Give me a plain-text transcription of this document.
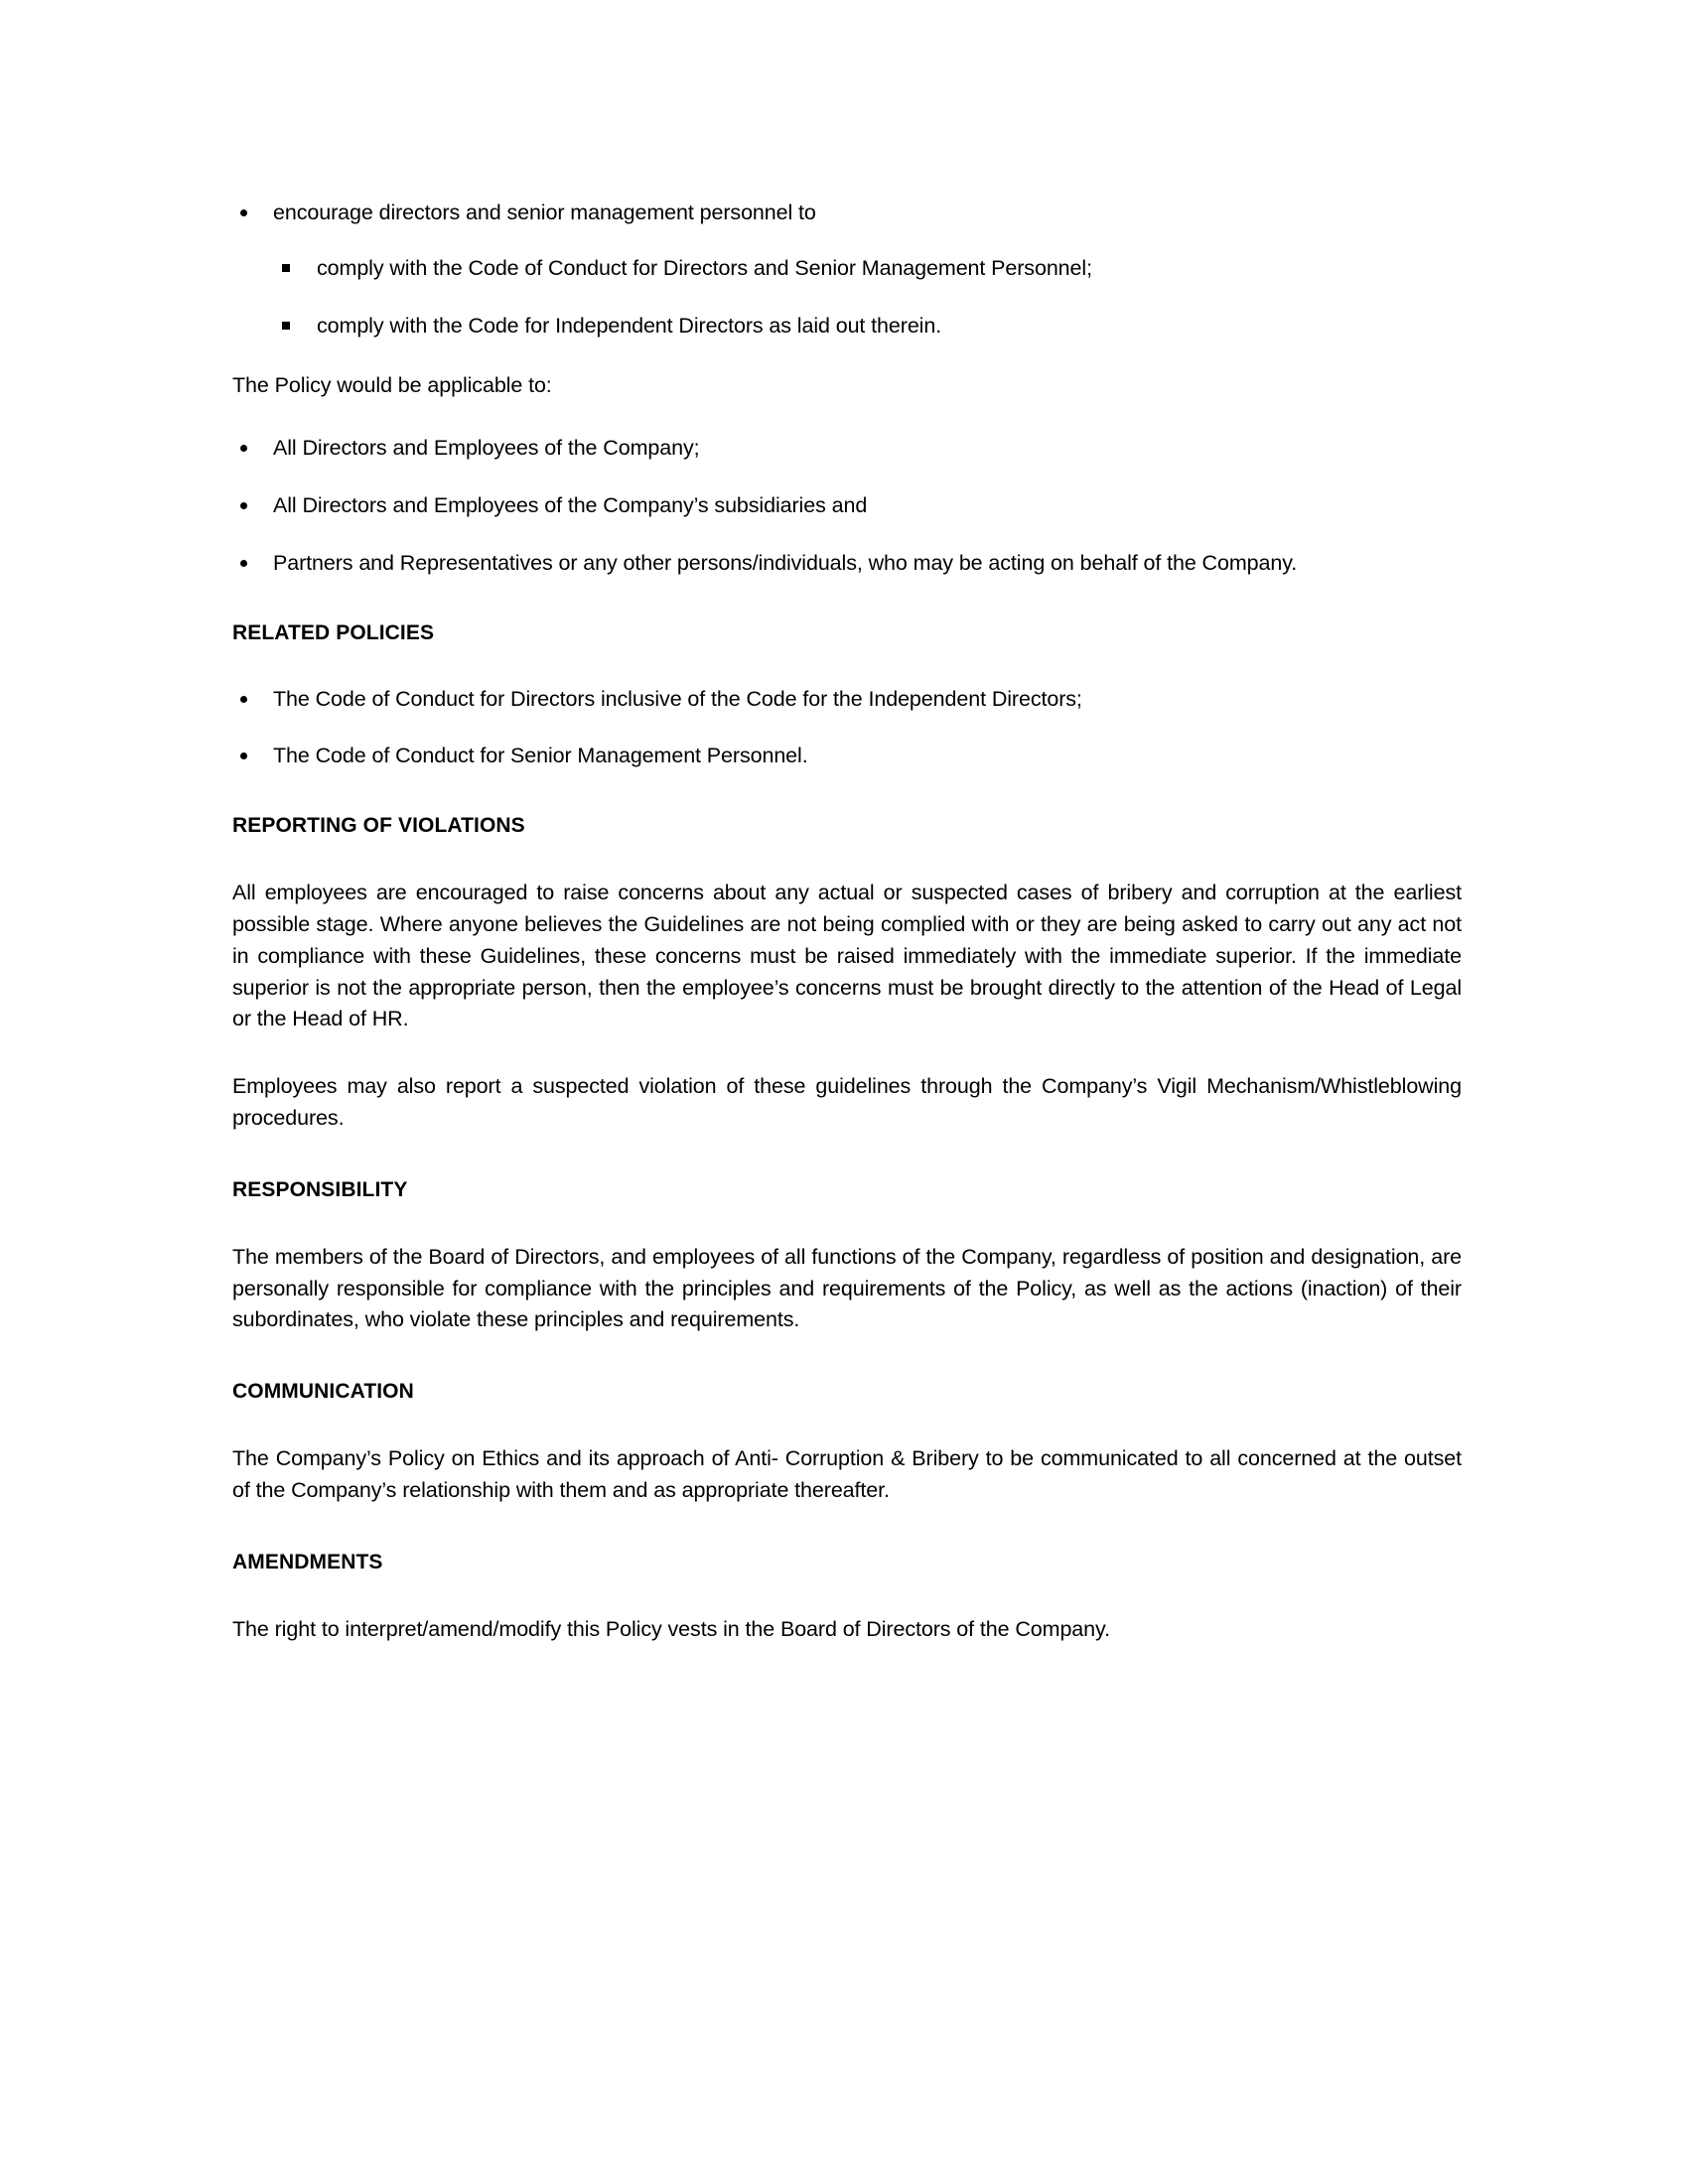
encourage directors and senior management personnel to
comply with the Code of Conduct for Directors and Senior Management Personnel;
comply with the Code for Independent Directors as laid out therein.

The Policy would be applicable to:

All Directors and Employees of the Company;
All Directors and Employees of the Company’s subsidiaries and
Partners and Representatives or any other persons/individuals, who may be acting on behalf of the Company.
RELATED POLICIES
The Code of Conduct for Directors inclusive of the Code for the Independent Directors;
The Code of Conduct for Senior Management Personnel.
REPORTING OF VIOLATIONS

All employees are encouraged to raise concerns about any actual or suspected cases of bribery and corruption at the earliest possible stage. Where anyone believes the Guidelines are not being complied with or they are being asked to carry out any act not in compliance with these Guidelines, these concerns must be raised immediately with the immediate superior. If the immediate superior is not the appropriate person, then the employee’s concerns must be brought directly to the attention of the Head of Legal or the Head of HR.

Employees may also report a suspected violation of these guidelines through the Company’s Vigil Mechanism/Whistleblowing procedures.

RESPONSIBILITY

The members of the Board of Directors, and employees of all functions of the Company, regardless of position and designation, are personally responsible for compliance with the principles and requirements of the Policy, as well as the actions (inaction) of their subordinates, who violate these principles and requirements.

COMMUNICATION

The Company’s Policy on Ethics and its approach of Anti- Corruption & Bribery to be communicated to all concerned at the outset of the Company’s relationship with them and as appropriate thereafter.

AMENDMENTS

The right to interpret/amend/modify this Policy vests in the Board of Directors of the Company.
